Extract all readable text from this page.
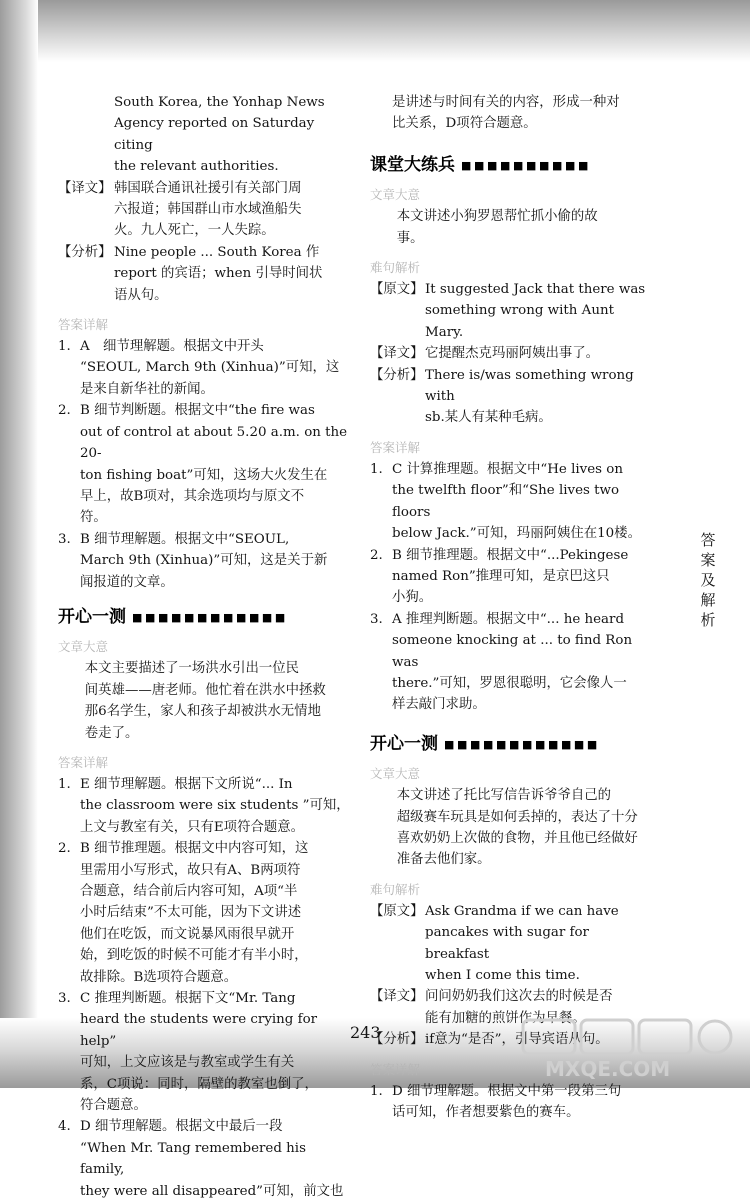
South Korea, the Yonhap News
Agency reported on Saturday citing
the relevant authorities.
【译文】 韩国联合通讯社援引有关部门周
六报道；韩国群山市水域渔船失
火。九人死亡，一人失踪。
【分析】 Nine people ... South Korea 作
report 的宾语；when 引导时间状
语从句。
答案详解
1. A　细节理解题。根据文中开头
“SEOUL, March 9th (Xinhua)”可知，这
是来自新华社的新闻。
2. B 细节判断题。根据文中“the fire was
out of control at about 5.20 a.m. on the 20-
ton fishing boat”可知，这场大火发生在
早上，故B项对，其余选项均与原文不
符。
3. B 细节理解题。根据文中“SEOUL,
March 9th (Xinhua)”可知，这是关于新
闻报道的文章。
开心一测 ■■■■■■■■■■■■
文章大意

本文主要描述了一场洪水引出一位民
间英雄——唐老师。他忙着在洪水中拯救
那6名学生，家人和孩子却被洪水无情地
卷走了。

答案详解
1. E 细节理解题。根据下文所说“... In
the classroom were six students ”可知，
上文与教室有关，只有E项符合题意。
2. B 细节推理题。根据文中内容可知，这
里需用小写形式，故只有A、B两项符
合题意，结合前后内容可知，A项“半
小时后结束”不太可能，因为下文讲述
他们在吃饭，而文说暴风雨很早就开
始，到吃饭的时候不可能才有半小时，
故排除。B选项符合题意。
3. C 推理判断题。根据下文“Mr. Tang
heard the students were crying for help”
可知，上文应该是与教室或学生有关
系，C项说：同时，隔壁的教室也倒了，
符合题意。
4. D 细节理解题。根据文中最后一段
“When Mr. Tang remembered his family,
they were all disappeared”可知，前文也
是讲述与时间有关的内容，形成一种对
比关系，D项符合题意。
课堂大练兵 ■■■■■■■■■■
文章大意

本文讲述小狗罗恩帮忙抓小偷的故
事。

难句解析
【原文】 It suggested Jack that there was
something wrong with Aunt Mary.
【译文】 它提醒杰克玛丽阿姨出事了。
【分析】 There is/was something wrong with
sb.某人有某种毛病。
答案详解
1. C 计算推理题。根据文中“He lives on
the twelfth floor”和“She lives two floors
below Jack.”可知，玛丽阿姨住在10楼。
2. B 细节推理题。根据文中“...Pekingese
named Ron”推理可知，是京巴这只
小狗。
3. A 推理判断题。根据文中“... he heard
someone knocking at ... to find Ron was
there.”可知，罗恩很聪明，它会像人一
样去敲门求助。
开心一测 ■■■■■■■■■■■■
文章大意

本文讲述了托比写信告诉爷爷自己的
超级赛车玩具是如何丢掉的，表达了十分
喜欢奶奶上次做的食物，并且他已经做好
准备去他们家。

难句解析
【原文】 Ask Grandma if we can have
pancakes with sugar for breakfast
when I come this time.
【译文】 问问奶奶我们这次去的时候是否
能有加糖的煎饼作为早餐。
【分析】 if意为“是否”，引导宾语从句。
答案详解
1. D 细节理解题。根据文中第一段第三句
话可知，作者想要紫色的赛车。
答
案
及
解
析
243
MXQE.COM
